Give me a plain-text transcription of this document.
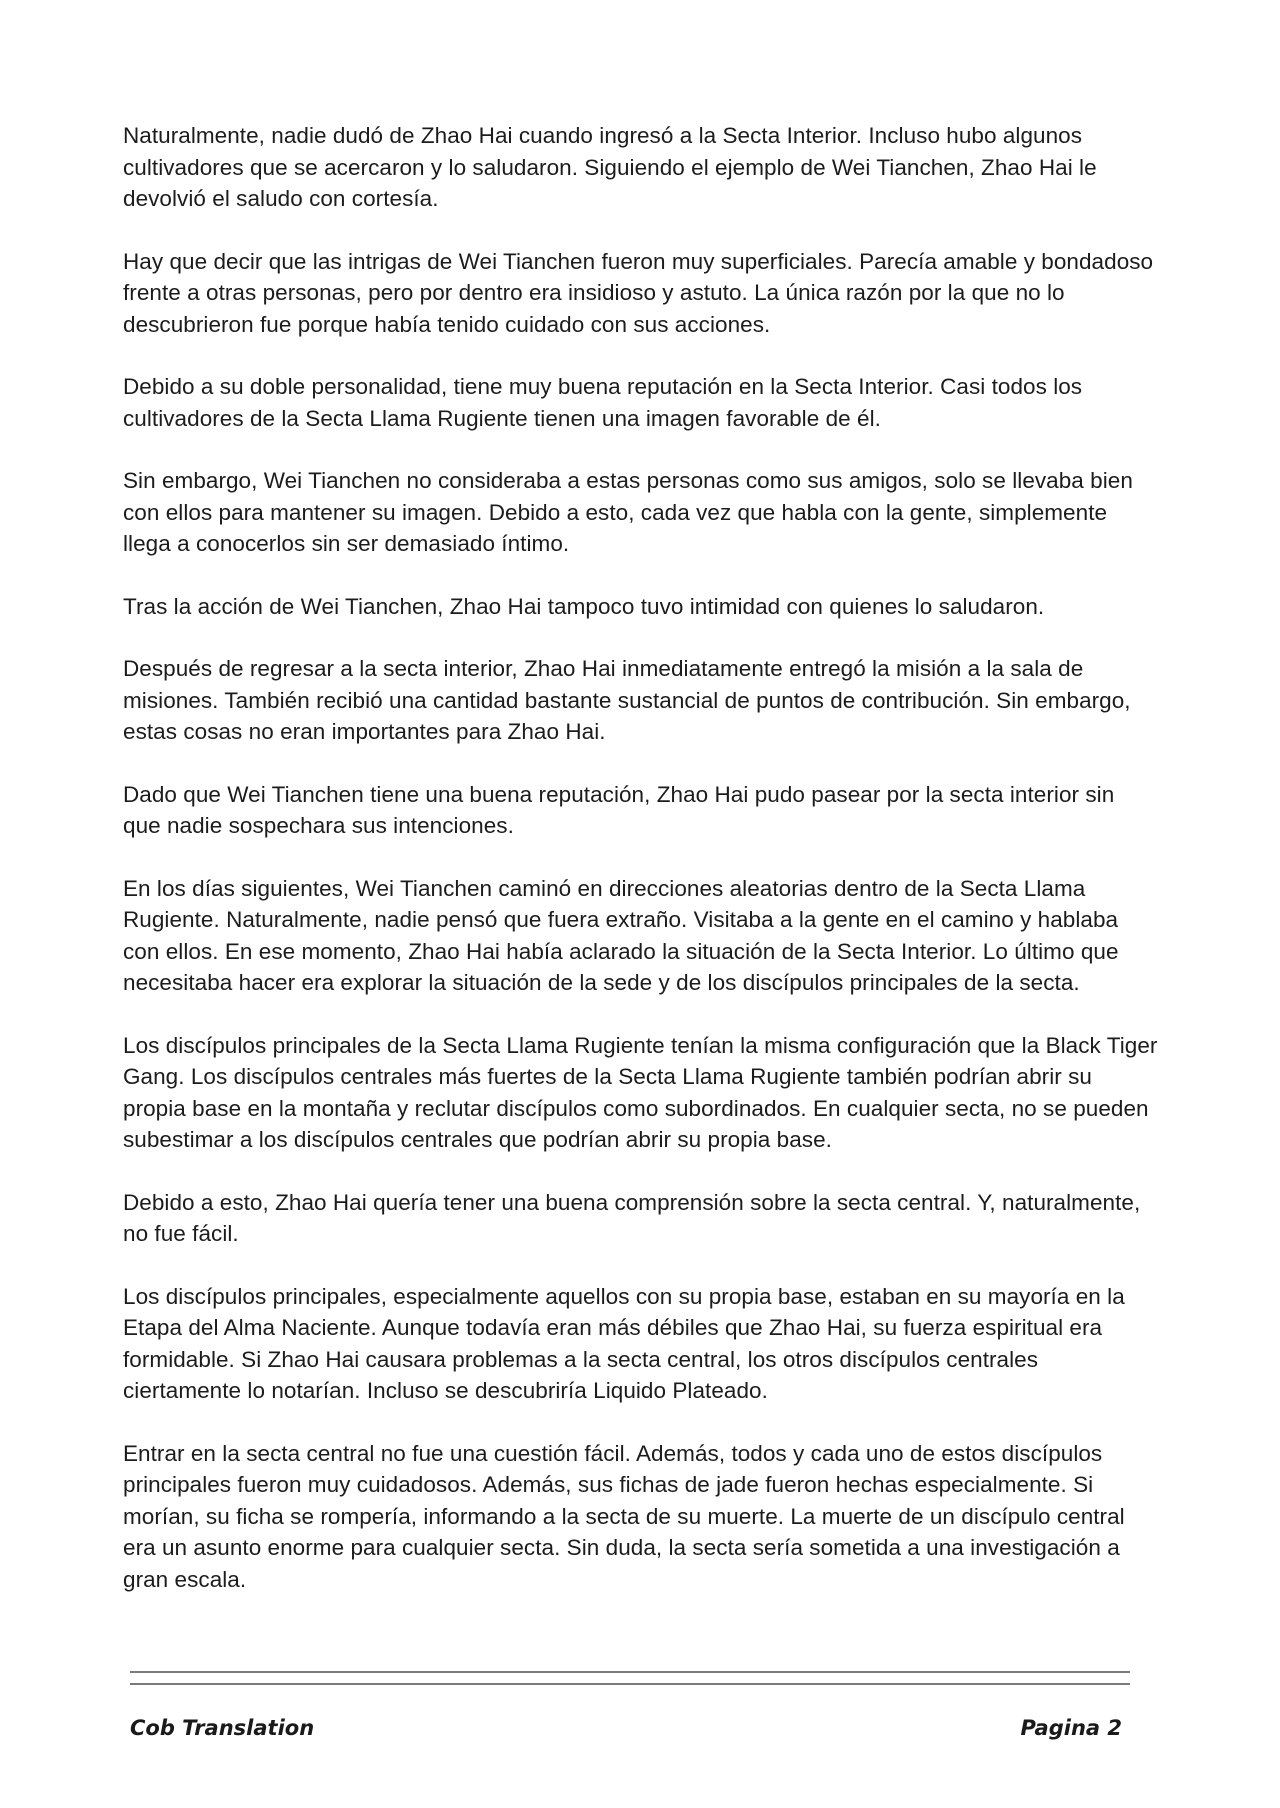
Naturalmente, nadie dudó de Zhao Hai cuando ingresó a la Secta Interior. Incluso hubo algunos cultivadores que se acercaron y lo saludaron. Siguiendo el ejemplo de Wei Tianchen, Zhao Hai le devolvió el saludo con cortesía.

Hay que decir que las intrigas de Wei Tianchen fueron muy superficiales. Parecía amable y bondadoso frente a otras personas, pero por dentro era insidioso y astuto. La única razón por la que no lo descubrieron fue porque había tenido cuidado con sus acciones.

Debido a su doble personalidad, tiene muy buena reputación en la Secta Interior. Casi todos los cultivadores de la Secta Llama Rugiente tienen una imagen favorable de él.

Sin embargo, Wei Tianchen no consideraba a estas personas como sus amigos, solo se llevaba bien con ellos para mantener su imagen. Debido a esto, cada vez que habla con la gente, simplemente llega a conocerlos sin ser demasiado íntimo.

Tras la acción de Wei Tianchen, Zhao Hai tampoco tuvo intimidad con quienes lo saludaron.

Después de regresar a la secta interior, Zhao Hai inmediatamente entregó la misión a la sala de misiones. También recibió una cantidad bastante sustancial de puntos de contribución. Sin embargo, estas cosas no eran importantes para Zhao Hai.

Dado que Wei Tianchen tiene una buena reputación, Zhao Hai pudo pasear por la secta interior sin que nadie sospechara sus intenciones.

En los días siguientes, Wei Tianchen caminó en direcciones aleatorias dentro de la Secta Llama Rugiente. Naturalmente, nadie pensó que fuera extraño. Visitaba a la gente en el camino y hablaba con ellos. En ese momento, Zhao Hai había aclarado la situación de la Secta Interior. Lo último que necesitaba hacer era explorar la situación de la sede y de los discípulos principales de la secta.

Los discípulos principales de la Secta Llama Rugiente tenían la misma configuración que la Black Tiger Gang. Los discípulos centrales más fuertes de la Secta Llama Rugiente también podrían abrir su propia base en la montaña y reclutar discípulos como subordinados. En cualquier secta, no se pueden subestimar a los discípulos centrales que podrían abrir su propia base.

Debido a esto, Zhao Hai quería tener una buena comprensión sobre la secta central. Y, naturalmente, no fue fácil.

Los discípulos principales, especialmente aquellos con su propia base, estaban en su mayoría en la Etapa del Alma Naciente. Aunque todavía eran más débiles que Zhao Hai, su fuerza espiritual era formidable. Si Zhao Hai causara problemas a la secta central, los otros discípulos centrales ciertamente lo notarían. Incluso se descubriría Liquido Plateado.

Entrar en la secta central no fue una cuestión fácil. Además, todos y cada uno de estos discípulos principales fueron muy cuidadosos. Además, sus fichas de jade fueron hechas especialmente. Si morían, su ficha se rompería, informando a la secta de su muerte. La muerte de un discípulo central era un asunto enorme para cualquier secta. Sin duda, la secta sería sometida a una investigación a gran escala.

Cob Translation	Pagina 2
